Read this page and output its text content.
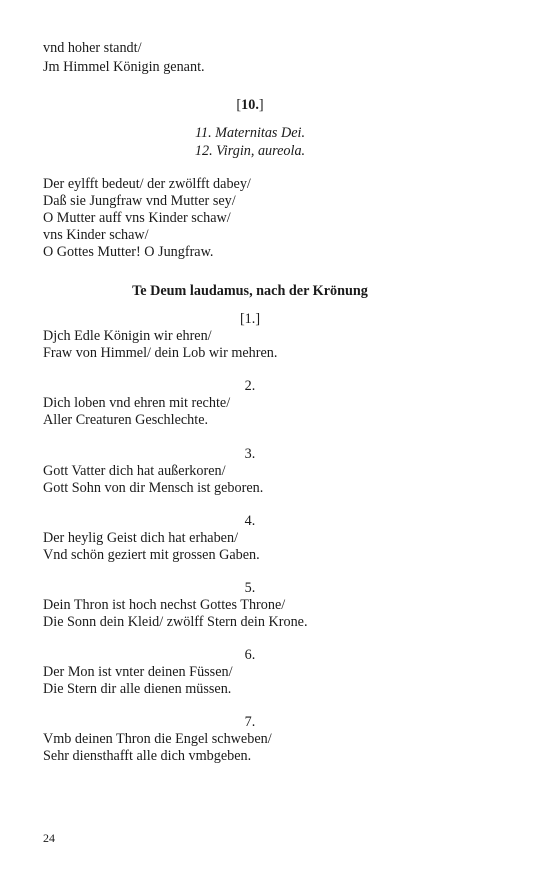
vnd hoher standt/
Jm Himmel Königin genant.
[10.]
11. Maternitas Dei.
12. Virgin, aureola.
Der eylfft bedeut/ der zwölfft dabey/
Daß sie Jungfraw vnd Mutter sey/
O Mutter auff vns Kinder schaw/
vns Kinder schaw/
O Gottes Mutter! O Jungfraw.
Te Deum laudamus, nach der Krönung
[1.]
Djch Edle Königin wir ehren/
Fraw von Himmel/ dein Lob wir mehren.
2.
Dich loben vnd ehren mit rechte/
Aller Creaturen Geschlechte.
3.
Gott Vatter dich hat außerkoren/
Gott Sohn von dir Mensch ist geboren.
4.
Der heylig Geist dich hat erhaben/
Vnd schön geziert mit grossen Gaben.
5.
Dein Thron ist hoch nechst Gottes Throne/
Die Sonn dein Kleid/ zwölff Stern dein Krone.
6.
Der Mon ist vnter deinen Füssen/
Die Stern dir alle dienen müssen.
7.
Vmb deinen Thron die Engel schweben/
Sehr diensthafft alle dich vmbgeben.
24
